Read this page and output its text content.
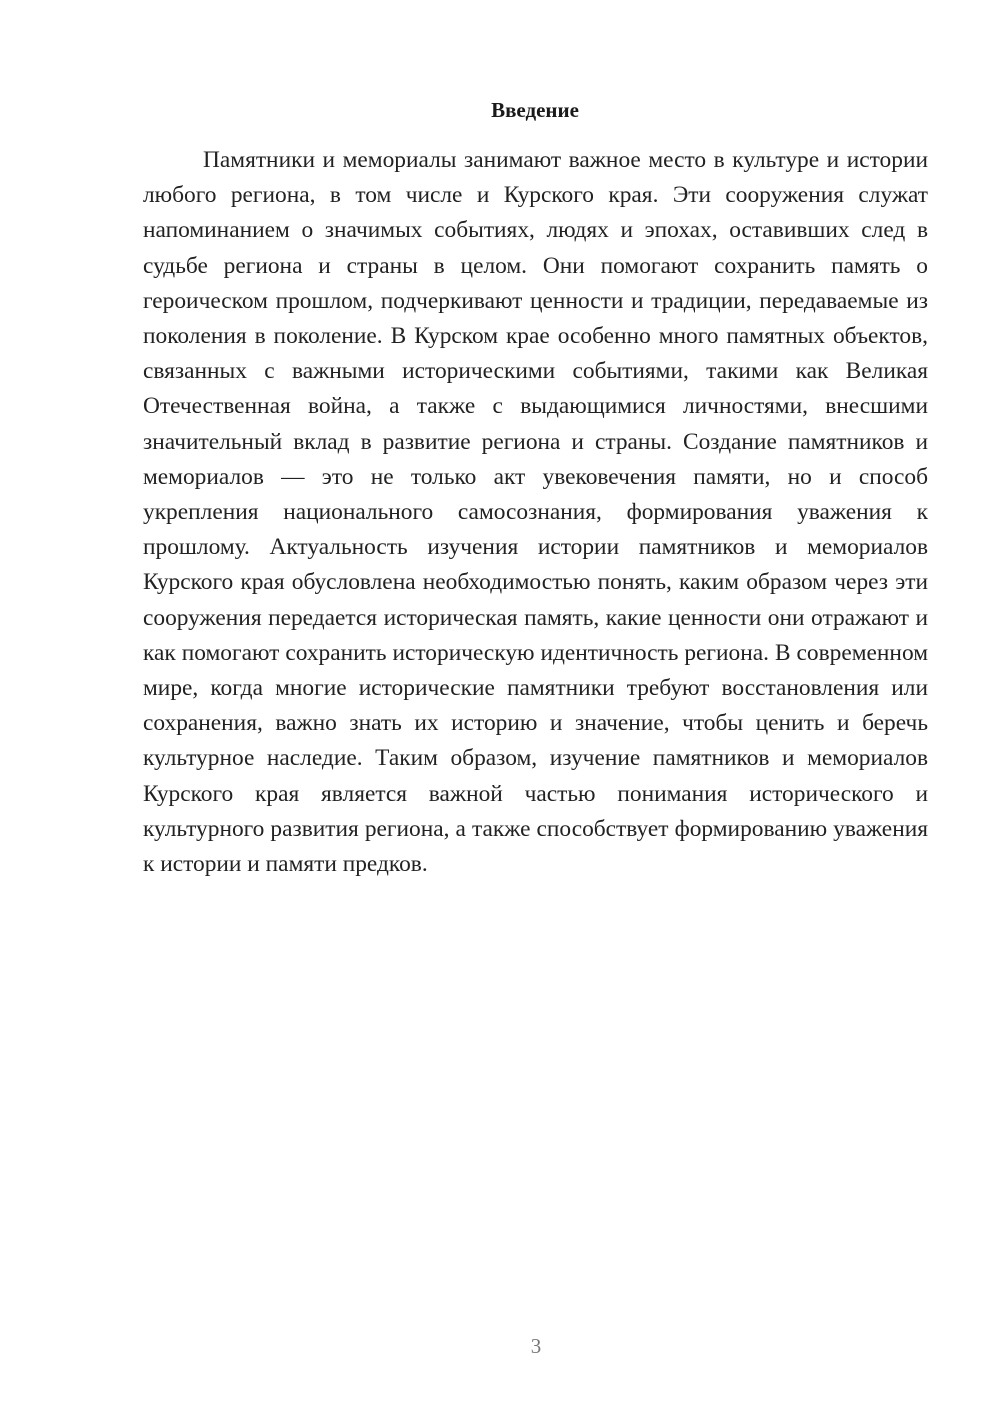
Введение

Памятники и мемориалы занимают важное место в культуре и истории любого региона, в том числе и Курского края. Эти сооружения служат напоминанием о значимых событиях, людях и эпохах, оставивших след в судьбе региона и страны в целом. Они помогают сохранить память о героическом прошлом, подчеркивают ценности и традиции, передаваемые из поколения в поколение. В Курском крае особенно много памятных объектов, связанных с важными историческими событиями, такими как Великая Отечественная война, а также с выдающимися личностями, внесшими значительный вклад в развитие региона и страны. Создание памятников и мемориалов — это не только акт увековечения памяти, но и способ укрепления национального самосознания, формирования уважения к прошлому. Актуальность изучения истории памятников и мемориалов Курского края обусловлена необходимостью понять, каким образом через эти сооружения передается историческая память, какие ценности они отражают и как помогают сохранить историческую идентичность региона. В современном мире, когда многие исторические памятники требуют восстановления или сохранения, важно знать их историю и значение, чтобы ценить и беречь культурное наследие. Таким образом, изучение памятников и мемориалов Курского края является важной частью понимания исторического и культурного развития региона, а также способствует формированию уважения к истории и памяти предков.

3
